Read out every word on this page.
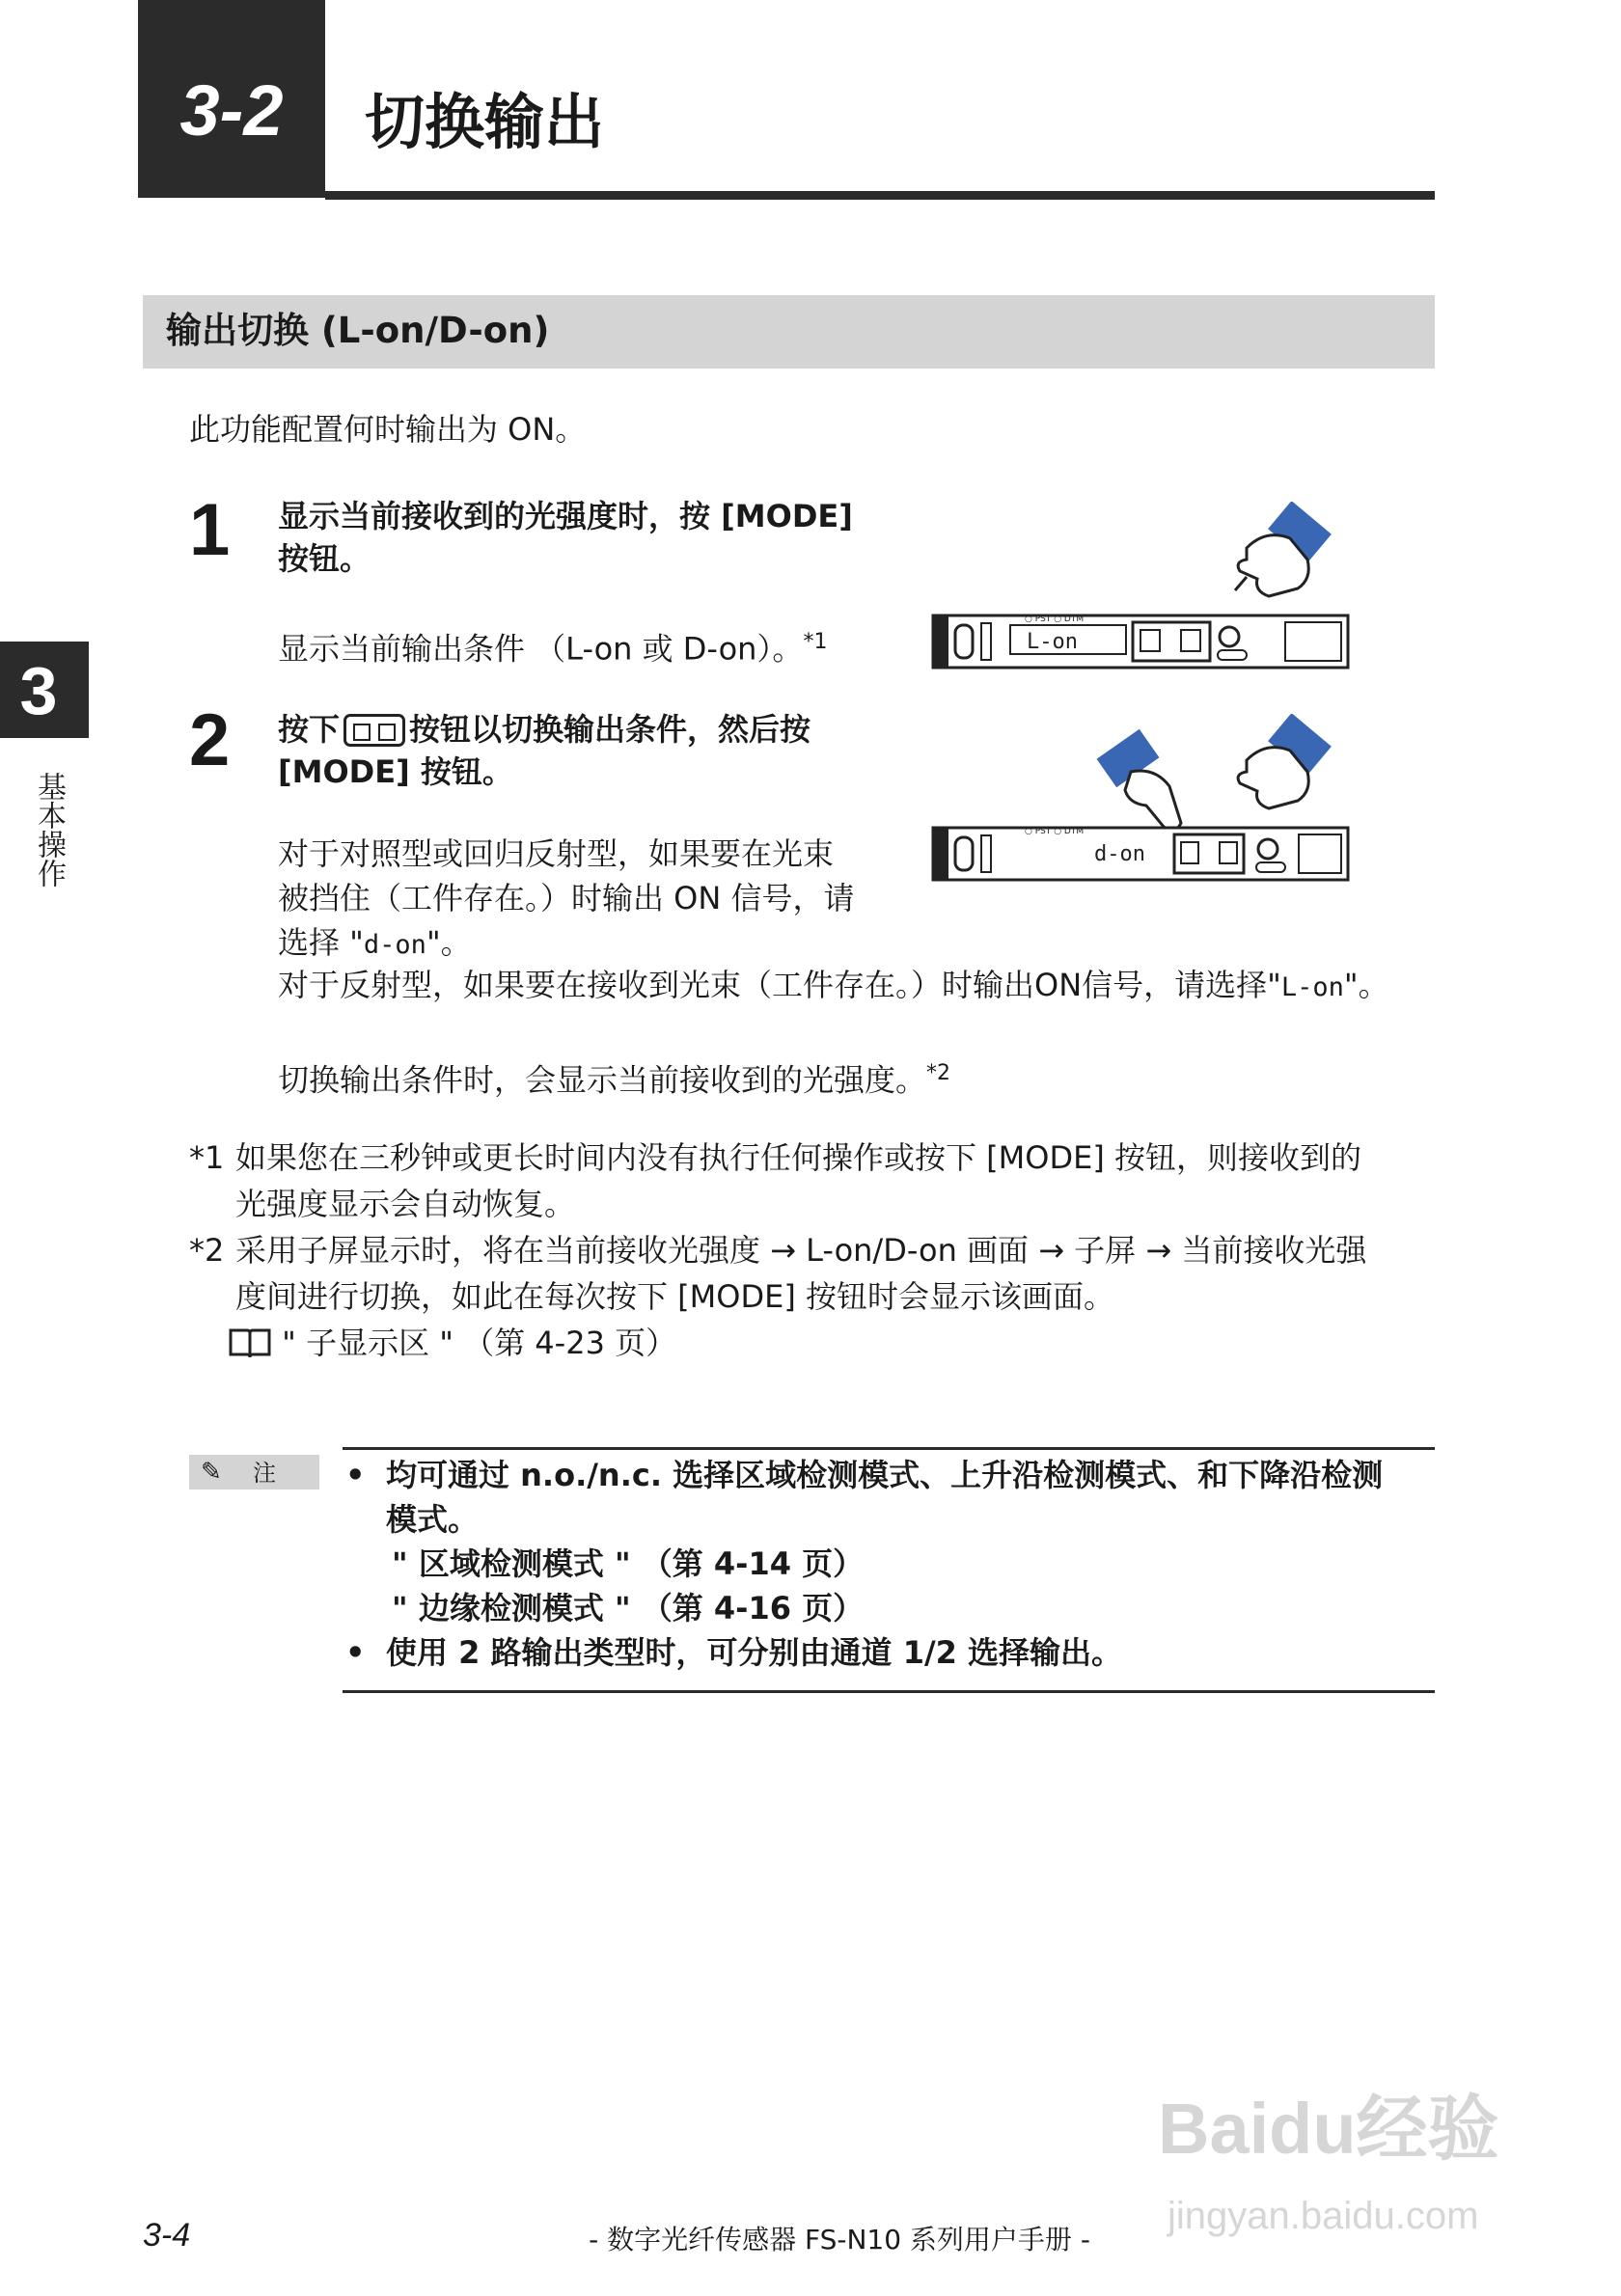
3-2	切换输出
3
基本操作
输出切换 (L-on/D-on)
此功能配置何时输出为 ON。
1 显示当前接收到的光强度时，按 [MODE]
按钮。
显示当前输出条件 （L-on 或 D-on）。$^{*1}$
○ PST ○ DTM
L-on
2 按下 按钮以切换输出条件，然后按
[MODE] 按钮。
对于对照型或回归反射型，如果要在光束
被挡住（工件存在。）时输出 ON 信号，请
选择 "d-on"。
对于反射型，如果要在接收到光束（工件存在。）时输出ON信号，请选择"L-on"。
切换输出条件时，会显示当前接收到的光强度。$^{*2}$
○ PST ○ DTM
d-on
*1 如果您在三秒钟或更长时间内没有执行任何操作或按下 [MODE] 按钮，则接收到的
光强度显示会自动恢复。
*2 采用子屏显示时，将在当前接收光强度 → L-on/D-on 画面 → 子屏 → 当前接收光强
度间进行切换，如此在每次按下 [MODE] 按钮时会显示该画面。
" 子显示区 " （第 4-23 页）
✎ 注 • 均可通过 n.o./n.c. 选择区域检测模式、上升沿检测模式、和下降沿检测
模式。
" 区域检测模式 " （第 4-14 页）
" 边缘检测模式 " （第 4-16 页）
• 使用 2 路输出类型时，可分别由通道 1/2 选择输出。
Baidu经验
jingyan.baidu.com
3-4	- 数字光纤传感器 FS-N10 系列用户手册 -
